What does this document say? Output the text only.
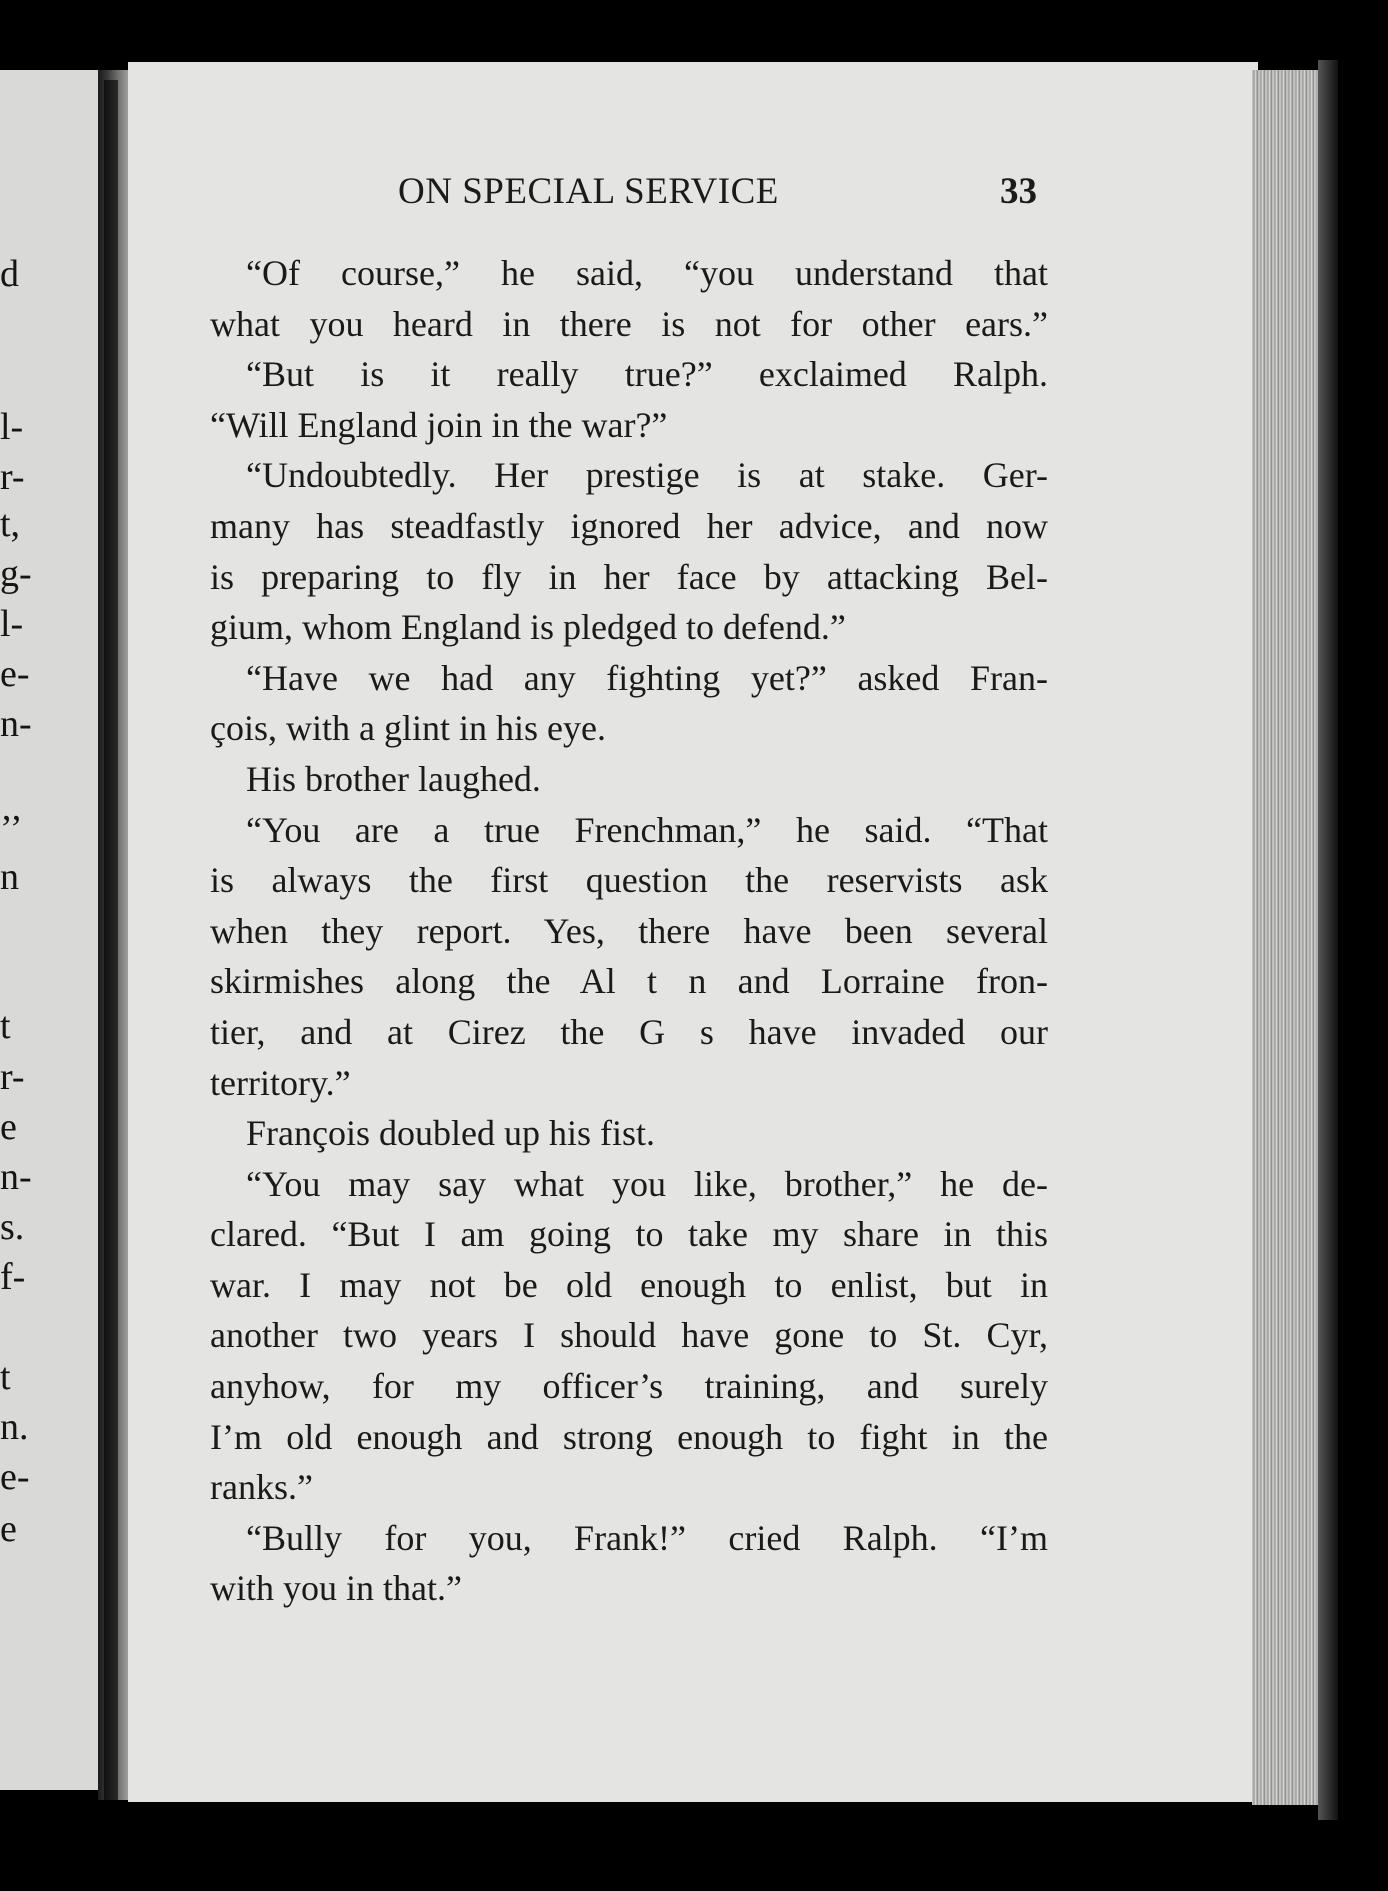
d
l-
r-
t,
g-
l-
e-
n-
’’
n
t
r-
e
n-
s.
f-
t
n.
e-
e
ON SPECIAL SERVICE	33
“Of course,” he said, “you understand that
what you heard in there is not for other ears.”
“But is it really true?” exclaimed Ralph.
“Will England join in the war?”
“Undoubtedly. Her prestige is at stake. Ger-
many has steadfastly ignored her advice, and now
is preparing to fly in her face by attacking Bel-
gium, whom England is pledged to defend.”
“Have we had any fighting yet?” asked Fran-
çois, with a glint in his eye.
His brother laughed.
“You are a true Frenchman,” he said. “That
is always the first question the reservists ask
when they report. Yes, there have been several
skirmishes along the Al t n and Lorraine fron-
tier, and at Cirez the G s have invaded our
territory.”
François doubled up his fist.
“You may say what you like, brother,” he de-
clared. “But I am going to take my share in this
war. I may not be old enough to enlist, but in
another two years I should have gone to St. Cyr,
anyhow, for my officer’s training, and surely
I’m old enough and strong enough to fight in the
ranks.”
“Bully for you, Frank!” cried Ralph. “I’m
with you in that.”
